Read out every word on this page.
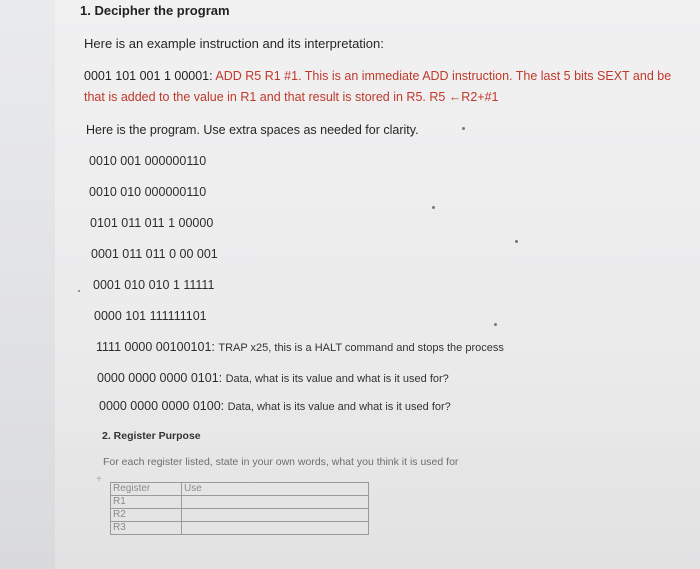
1. Decipher the program
Here is an example instruction and its interpretation:
0001 101 001 1 00001: ADD R5 R1 #1. This is an immediate ADD instruction. The last 5 bits SEXT and be
that is added to the value in R1 and that result is stored in R5. R5 ←R2+#1
Here is the program. Use extra spaces as needed for clarity.
0010 001 000000110
0010 010 000000110
0101 011 011 1 00000
0001 011 011 0 00 001
0001 010 010 1 11111
0000 101 111111101
1111 0000 00100101: TRAP x25, this is a HALT command and stops the process
0000 0000 0000 0101: Data, what is its value and what is it used for?
0000 0000 0000 0100: Data, what is its value and what is it used for?
2. Register Purpose
For each register listed, state in your own words, what you think it is used for
+
Register	Use
R1	
R2	
R3	
